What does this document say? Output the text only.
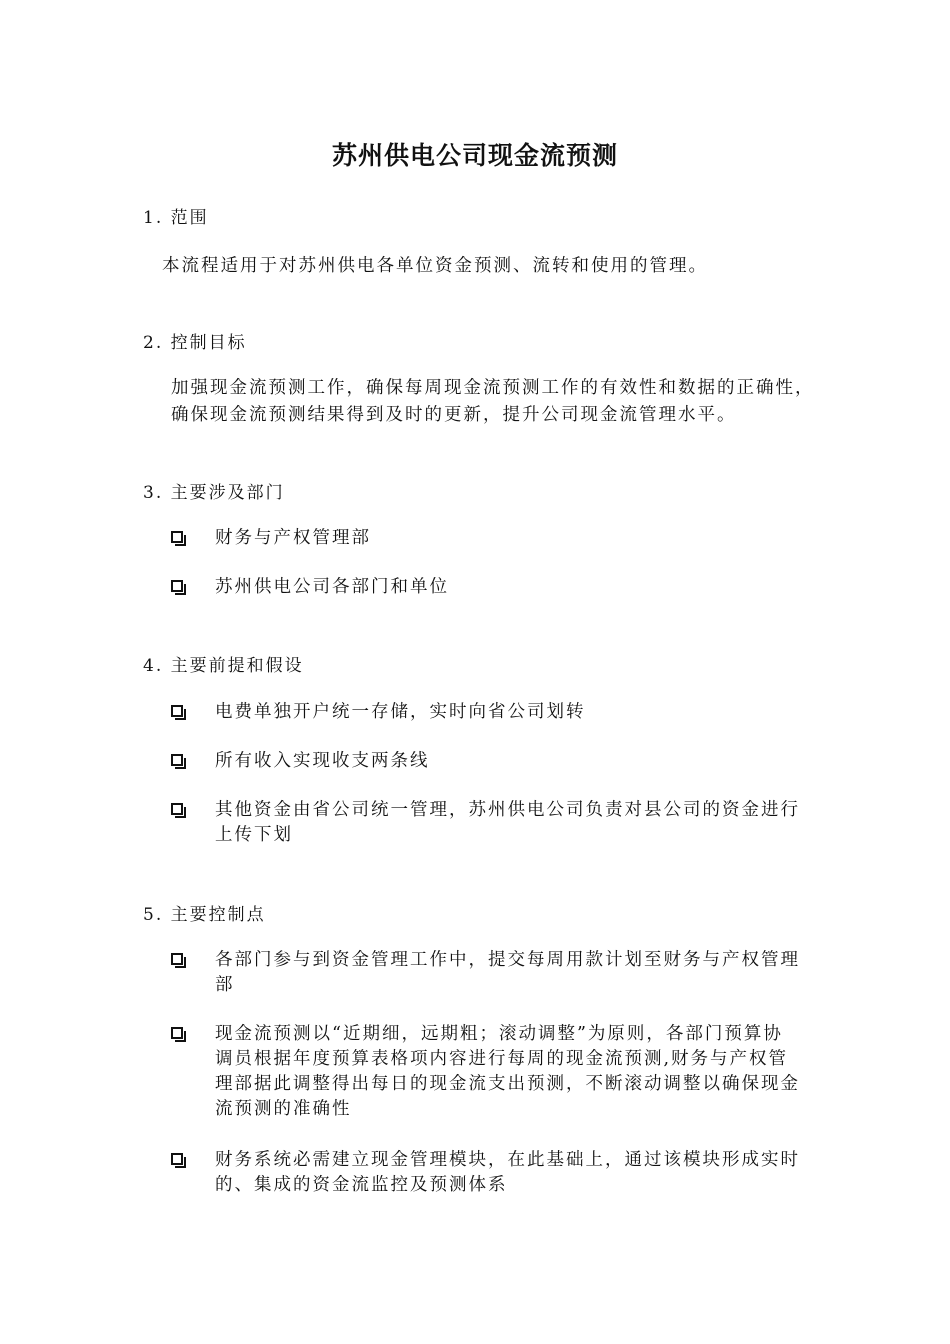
苏州供电公司现金流预测
1. 范围
本流程适用于对苏州供电各单位资金预测、流转和使用的管理。
2. 控制目标
加强现金流预测工作，确保每周现金流预测工作的有效性和数据的正确性，
确保现金流预测结果得到及时的更新，提升公司现金流管理水平。
3. 主要涉及部门
财务与产权管理部
苏州供电公司各部门和单位
4. 主要前提和假设
电费单独开户统一存储，实时向省公司划转
所有收入实现收支两条线
其他资金由省公司统一管理，苏州供电公司负责对县公司的资金进行
上传下划
5. 主要控制点
各部门参与到资金管理工作中，提交每周用款计划至财务与产权管理
部
现金流预测以“近期细，远期粗；滚动调整”为原则，各部门预算协
调员根据年度预算表格项内容进行每周的现金流预测,财务与产权管
理部据此调整得出每日的现金流支出预测，不断滚动调整以确保现金
流预测的准确性
财务系统必需建立现金管理模块，在此基础上，通过该模块形成实时
的、集成的资金流监控及预测体系
